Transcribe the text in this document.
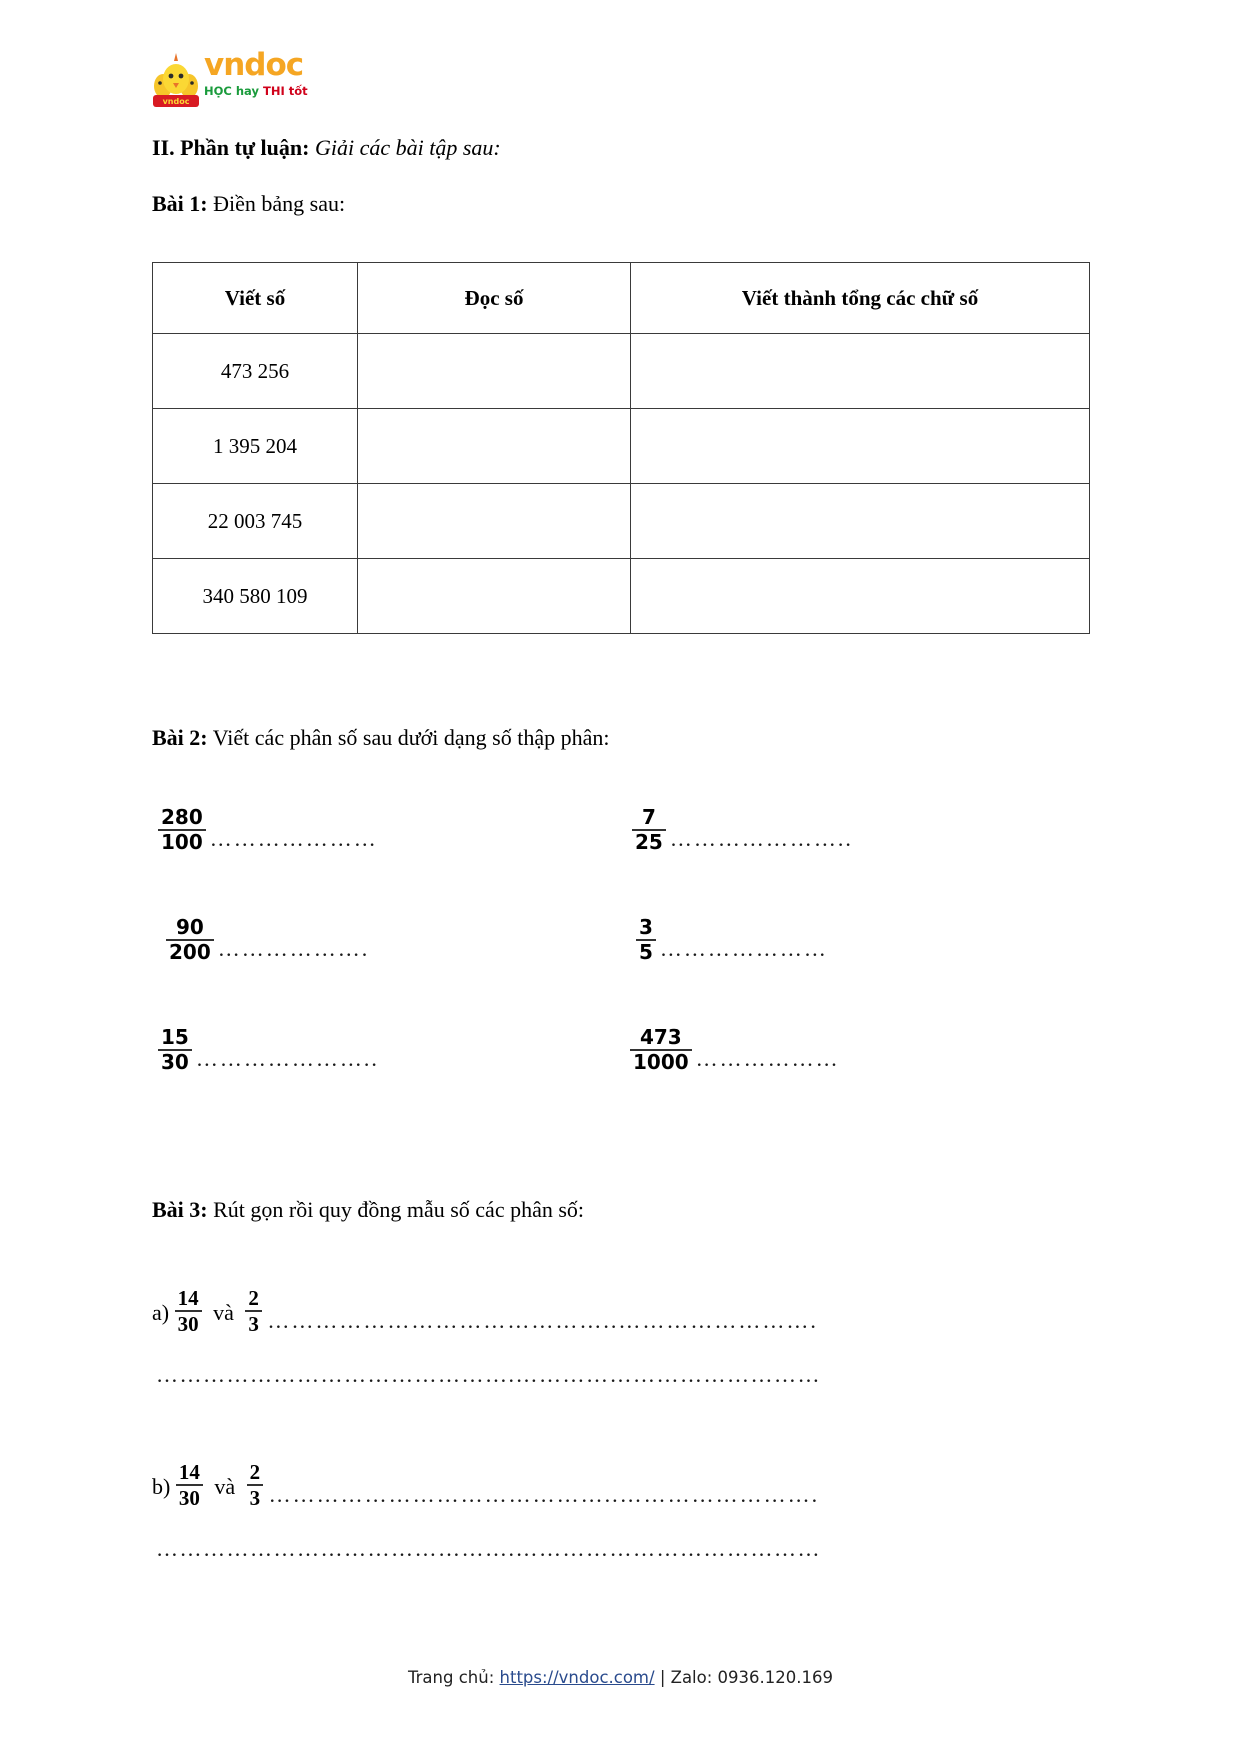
vndoc
vndoc
HỌC hay THI tốt
II. Phần tự luận: Giải các bài tập sau:
Bài 1: Điền bảng sau:
Viết số	Đọc số	Viết thành tổng các chữ số
473 256		
1 395 204		
22 003 745		
340 580 109		
Bài 2: Viết các phân số sau dưới dạng số thập phân:
$\frac{280}{100}$ …………………	$\frac{7}{25}$ …………………..
$\frac{90}{200}$ ……………….	$\frac{3}{5}$ …………………
$\frac{15}{30}$ …………………..	$\frac{473}{1000}$ ………………
Bài 3: Rút gọn rồi quy đồng mẫu số các phân số:
$a) \frac{14}{30}$ và $\frac{2}{3}$ ……………………………………..…………………….
……………………………………….…………………………………
$b) \frac{14}{30}$ và $\frac{2}{3}$ ……………………………………..…………………….
……………………………………….…………………………………
Trang chủ: https://vndoc.com/ | Zalo: 0936.120.169
